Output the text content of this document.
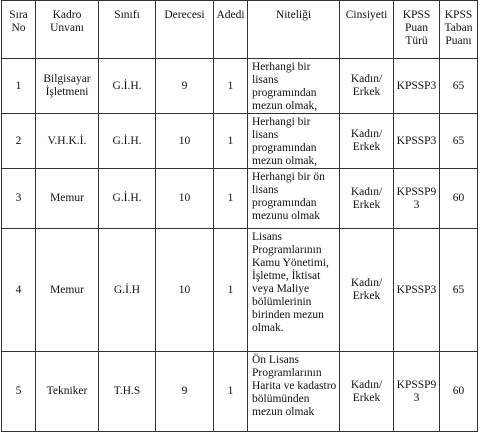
Sıra No	Kadro Unvanı	Sınıfı	Derecesi	Adedi	Niteliği	Cinsiyeti	KPSS Puan Türü	KPSS Taban Puanı
1	Bilgisayar İşletmeni	G.İ.H.	9	1	Herhangi bir lisans programından mezun olmak,	Kadın/ Erkek	KPSSP3	65
2	V.H.K.İ.	G.İ.H.	10	1	Herhangi bir lisans programından mezun olmak,	Kadın/ Erkek	KPSSP3	65
3	Memur	G.İ.H.	10	1	Herhangi bir ön lisans programından mezunu olmak	Kadın/ Erkek	KPSSP93	60
4	Memur	G.İ.H	10	1	Lisans Programlarının Kamu Yönetimi, İşletme, İktisat veya Maliye bölümlerinin birinden mezun olmak.	Kadın/ Erkek	KPSSP3	65
5	Tekniker	T.H.S	9	1	Ön Lisans Programlarının Harita ve kadastro bölümünden mezun olmak	Kadın/ Erkek	KPSSP93	60
